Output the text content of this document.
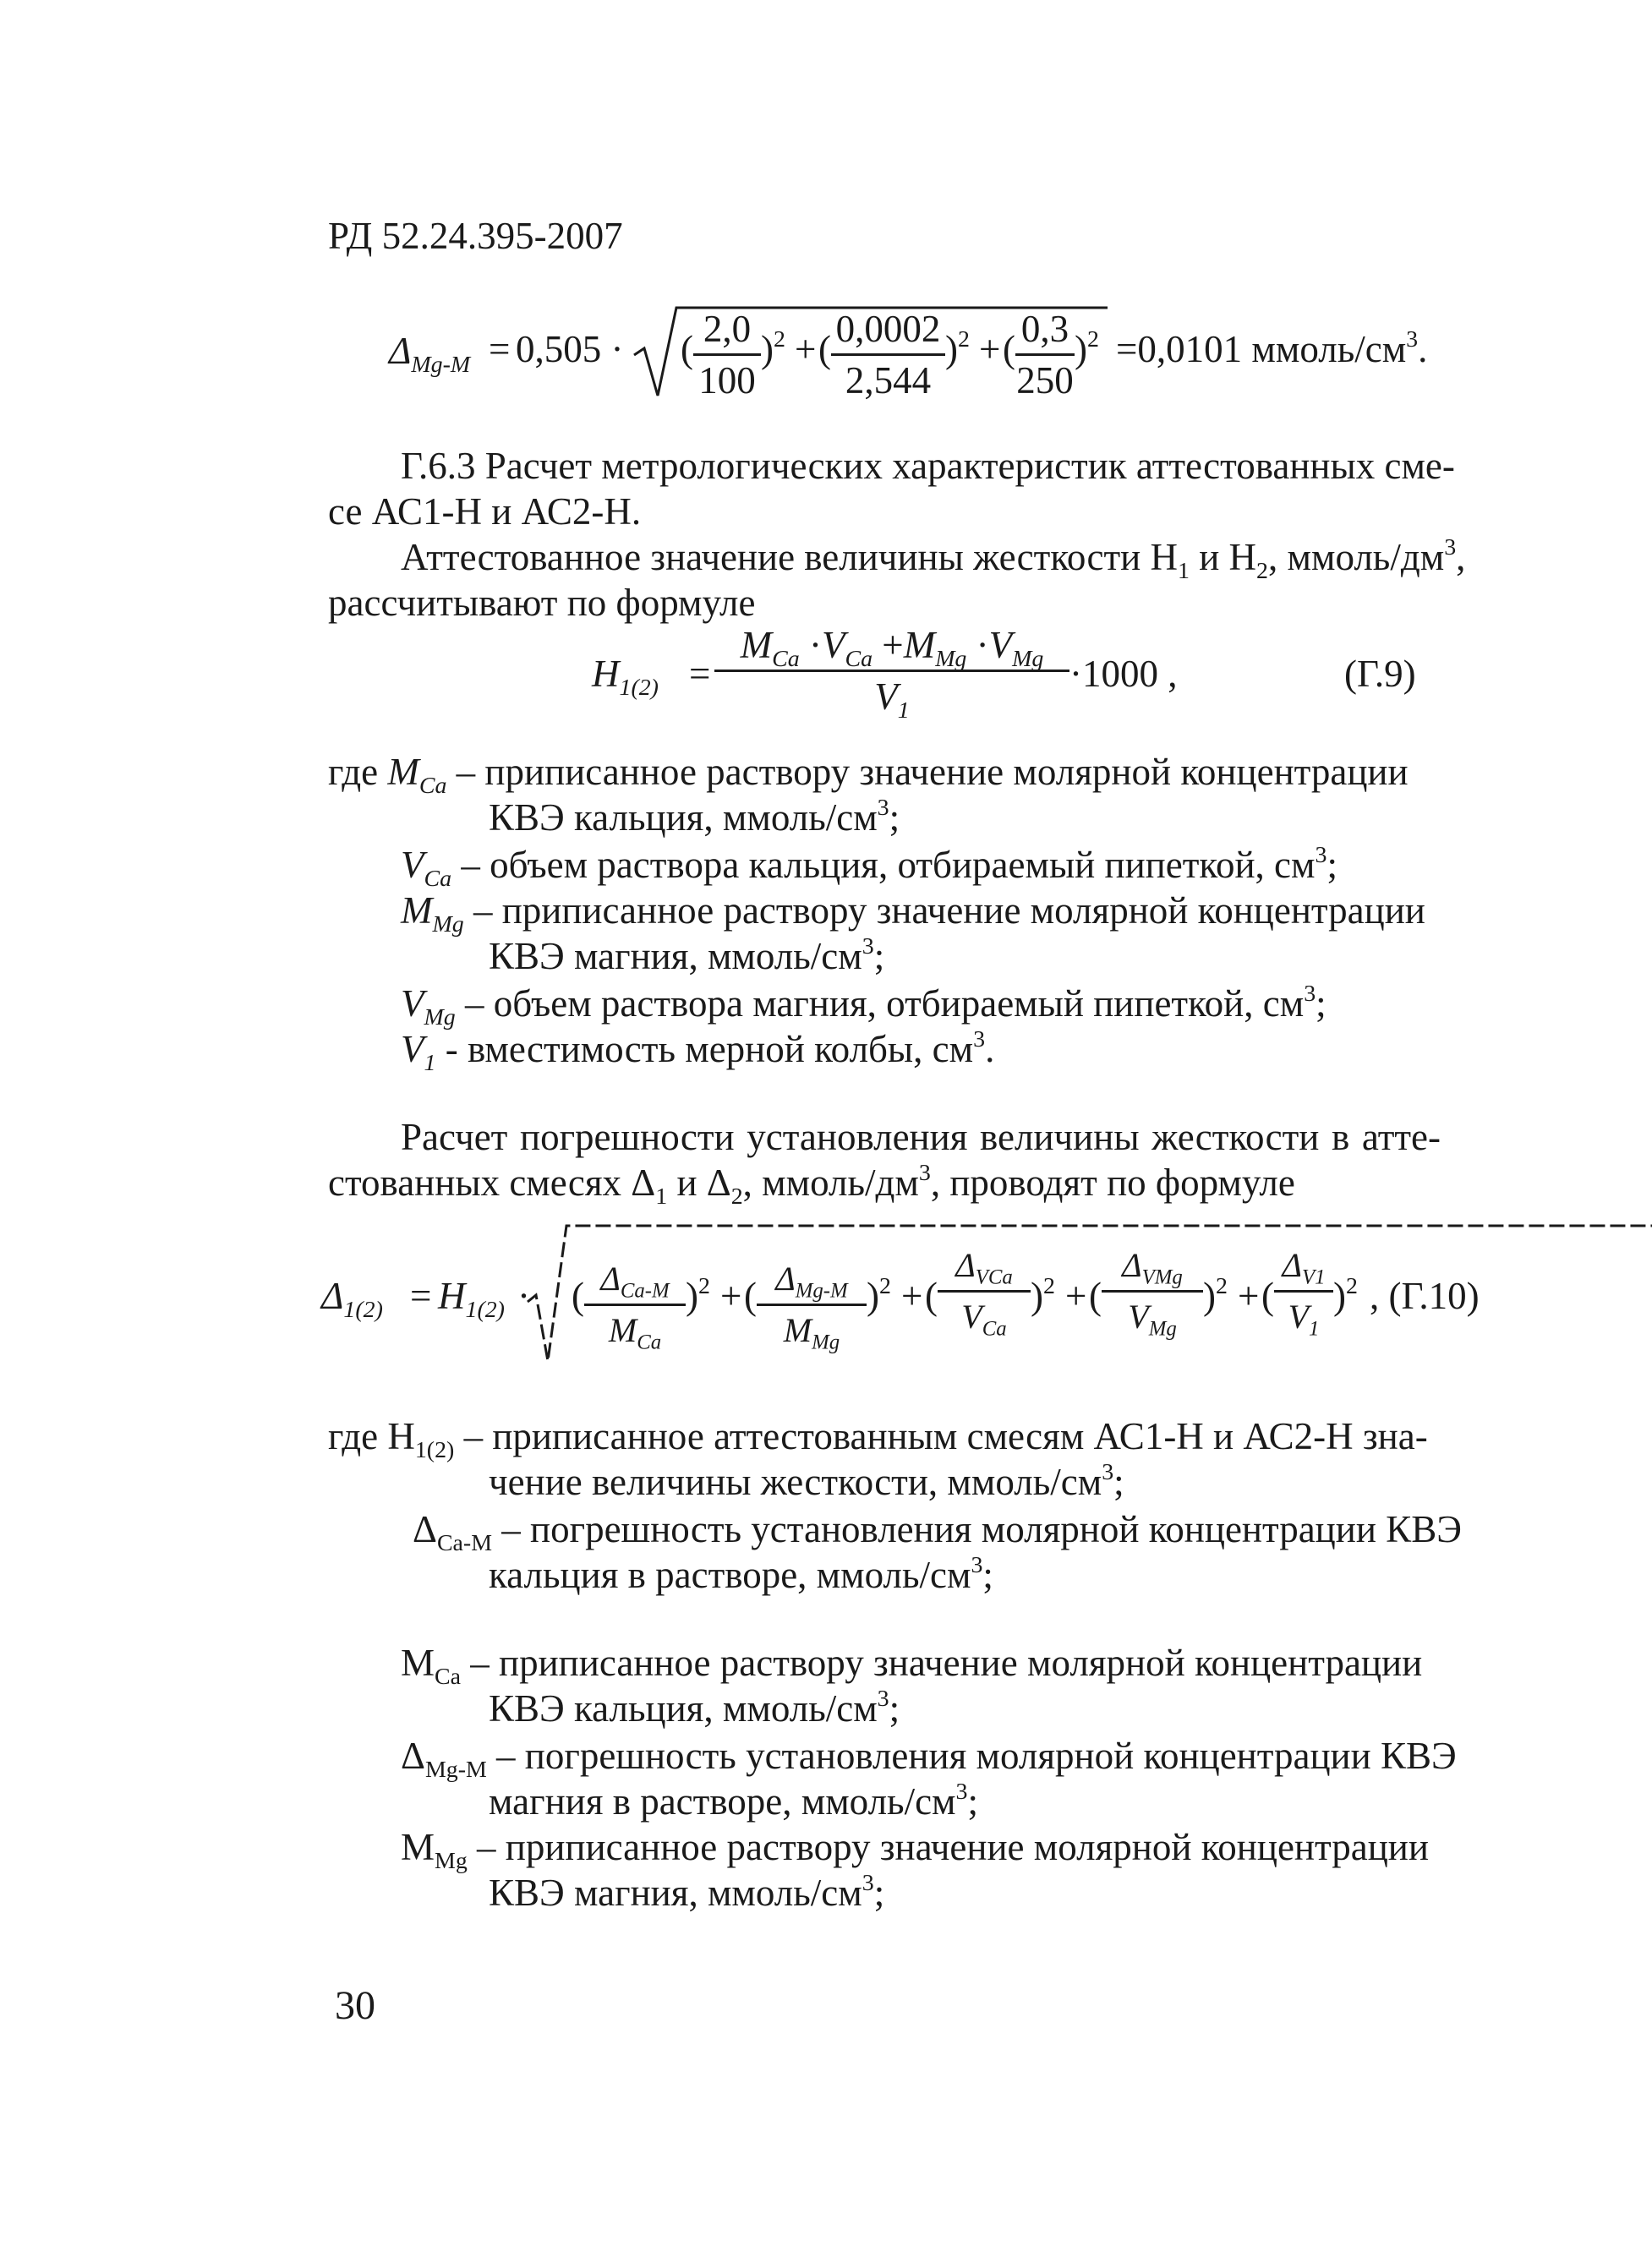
РД 52.24.395-2007
$\Delta_{Mg-M} = 0,505$ · ( 2,0
100
)$^2$ + ( 0,0002
2,544
)$^2$ + ( 0,3
250
)$^2$ =0,0101 ммоль/$см^3$.
Г.6.3 Расчет метрологических характеристик аттестованных сме-
се АС1-Н и АС2-Н.
Аттестованное значение величины жесткости $Н_1$ и $Н_2$, ммоль/$дм^3$,
рассчитывают по формуле
$H_{1(2)}$ =
$M_{Ca} \cdot V_{Ca} +M_{Mg} \cdot V_{Mg}$
$V_1$
·1000 ,	(Г.9)
где $M_{Ca}$ – приписанное раствору значение молярной концентрации
КВЭ кальция, ммоль/$см^3$;
$V_{Ca}$ – объем раствора кальция, отбираемый пипеткой, $см^3$;
$M_{Mg}$ – приписанное раствору значение молярной концентрации
КВЭ магния, ммоль/$см^3$;
$V_{Mg}$ – объем раствора магния, отбираемый пипеткой, $см^3$;
$V_1$ - вместимость мерной колбы, $см^3$.
Расчет погрешности установления величины жесткости в атте-
стованных смесях $\Delta_1$ и $\Delta_2$, ммоль/$дм^3$, проводят по формуле
$\Delta_{1(2)} = H_{1(2)}$ · ( $\Delta_{Ca-M}$
$M_{Ca}$
)$^2$ + ( $\Delta_{Mg-M}$
$M_{Mg}$
)$^2$ + (
$\Delta_{VCa}$
$V_{Ca}$
)$^2$ + (
$\Delta_{VMg}$
$V_{Mg}$
)$^2$ + (
$\Delta_{V1}$
$V_1$
)$^2$ , (Г.10)
где $Н_{1(2)}$ – приписанное аттестованным смесям АС1-Н и АС2-Н зна-
чение величины жесткости, ммоль/$см^3$;
$\Delta_{Ca-M}$ – погрешность установления молярной концентрации КВЭ
кальция в растворе, ммоль/$см^3$;
$M_{Ca}$ – приписанное раствору значение молярной концентрации
КВЭ кальция, ммоль/$см^3$;
$\Delta_{Mg-M}$ – погрешность установления молярной концентрации КВЭ
магния в растворе, ммоль/$см^3$;
$M_{Mg}$ – приписанное раствору значение молярной концентрации
КВЭ магния, ммоль/$см^3$;
30
